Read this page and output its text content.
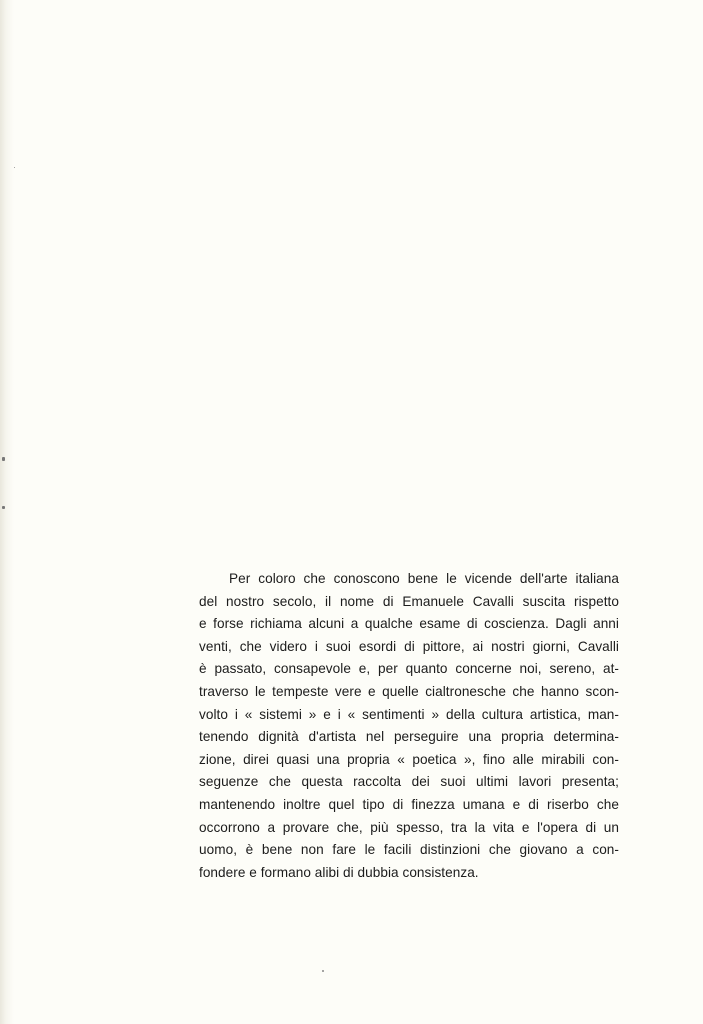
Per coloro che conoscono bene le vicende dell'arte italiana
del nostro secolo, il nome di Emanuele Cavalli suscita rispetto
e forse richiama alcuni a qualche esame di coscienza. Dagli anni
venti, che videro i suoi esordi di pittore, ai nostri giorni, Cavalli
è passato, consapevole e, per quanto concerne noi, sereno, at-
traverso le tempeste vere e quelle cialtronesche che hanno scon-
volto i « sistemi » e i « sentimenti » della cultura artistica, man-
tenendo dignità d'artista nel perseguire una propria determina-
zione, direi quasi una propria « poetica », fino alle mirabili con-
seguenze che questa raccolta dei suoi ultimi lavori presenta;
mantenendo inoltre quel tipo di finezza umana e di riserbo che
occorrono a provare che, più spesso, tra la vita e l'opera di un
uomo, è bene non fare le facili distinzioni che giovano a con-
fondere e formano alibi di dubbia consistenza.
